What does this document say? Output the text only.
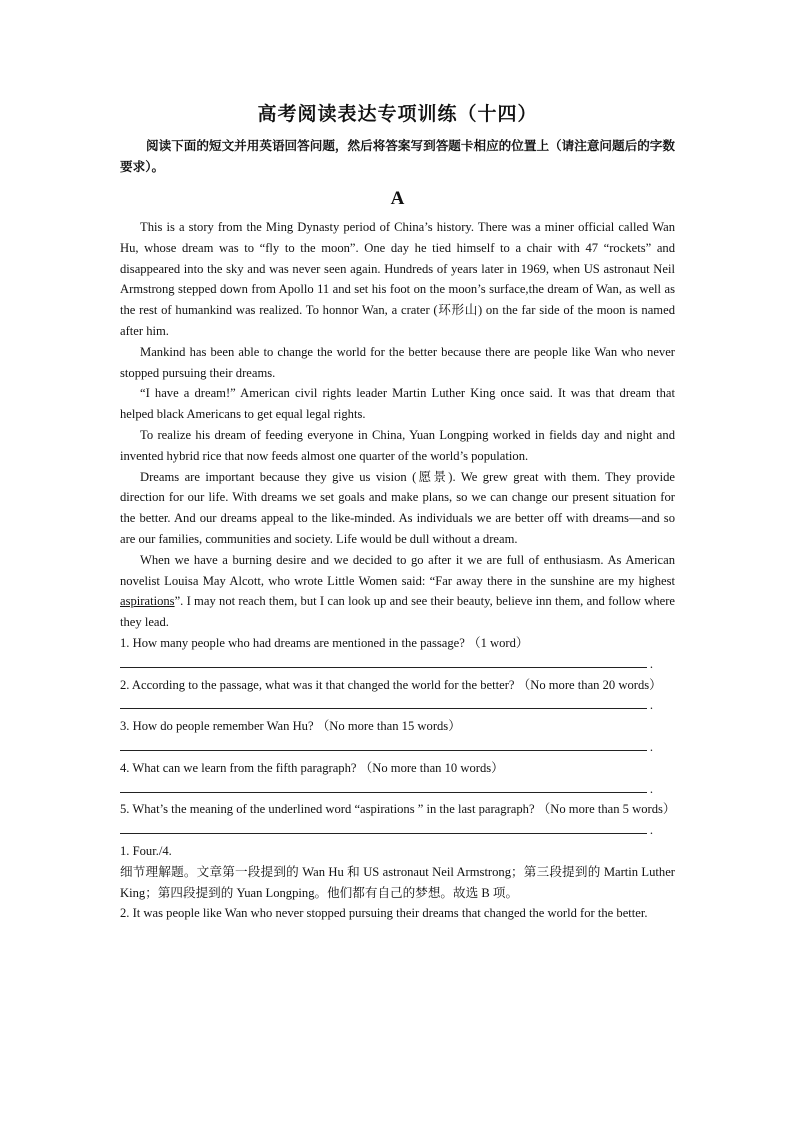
高考阅读表达专项训练（十四）

阅读下面的短文并用英语回答问题，然后将答案写到答题卡相应的位置上（请注意问题后的字数要求）。

A

This is a story from the Ming Dynasty period of China’s history. There was a miner official called Wan Hu, whose dream was to “fly to the moon”. One day he tied himself to a chair with 47 “rockets” and disappeared into the sky and was never seen again. Hundreds of years later in 1969, when US astronaut Neil Armstrong stepped down from Apollo 11 and set his foot on the moon’s surface,the dream of Wan, as well as the rest of humankind was realized. To honnor Wan, a crater (环形山) on the far side of the moon is named after him.

Mankind has been able to change the world for the better because there are people like Wan who never stopped pursuing their dreams.

“I have a dream!” American civil rights leader Martin Luther King once said. It was that dream that helped black Americans to get equal legal rights.

To realize his dream of feeding everyone in China, Yuan Longping worked in fields day and night and invented hybrid rice that now feeds almost one quarter of the world’s population.

Dreams are important because they give us vision (愿景). We grew great with them. They provide direction for our life. With dreams we set goals and make plans, so we can change our present situation for the better. And our dreams appeal to the like-minded. As individuals we are better off with dreams—and so are our families, communities and society. Life would be dull without a dream.

When we have a burning desire and we decided to go after it we are full of enthusiasm. As American novelist Louisa May Alcott, who wrote Little Women said: “Far away there in the sunshine are my highest aspirations”. I may not reach them, but I can look up and see their beauty, believe inn them, and follow where they lead.

1. How many people who had dreams are mentioned in the passage? （1 word）

.

2. According to the passage, what was it that changed the world for the better? （No more than 20 words）

.

3. How do people remember Wan Hu? （No more than 15 words）

.

4. What can we learn from the fifth paragraph? （No more than 10 words）

.

5. What’s the meaning of the underlined word “aspirations ” in the last paragraph? （No more than 5 words）

.

1. Four./4.

细节理解题。文章第一段提到的 Wan Hu 和 US astronaut Neil Armstrong；第三段提到的 Martin Luther King；第四段提到的 Yuan Longping。他们都有自己的梦想。故选 B 项。

2. It was people like Wan who never stopped pursuing their dreams that changed the world for the better.
